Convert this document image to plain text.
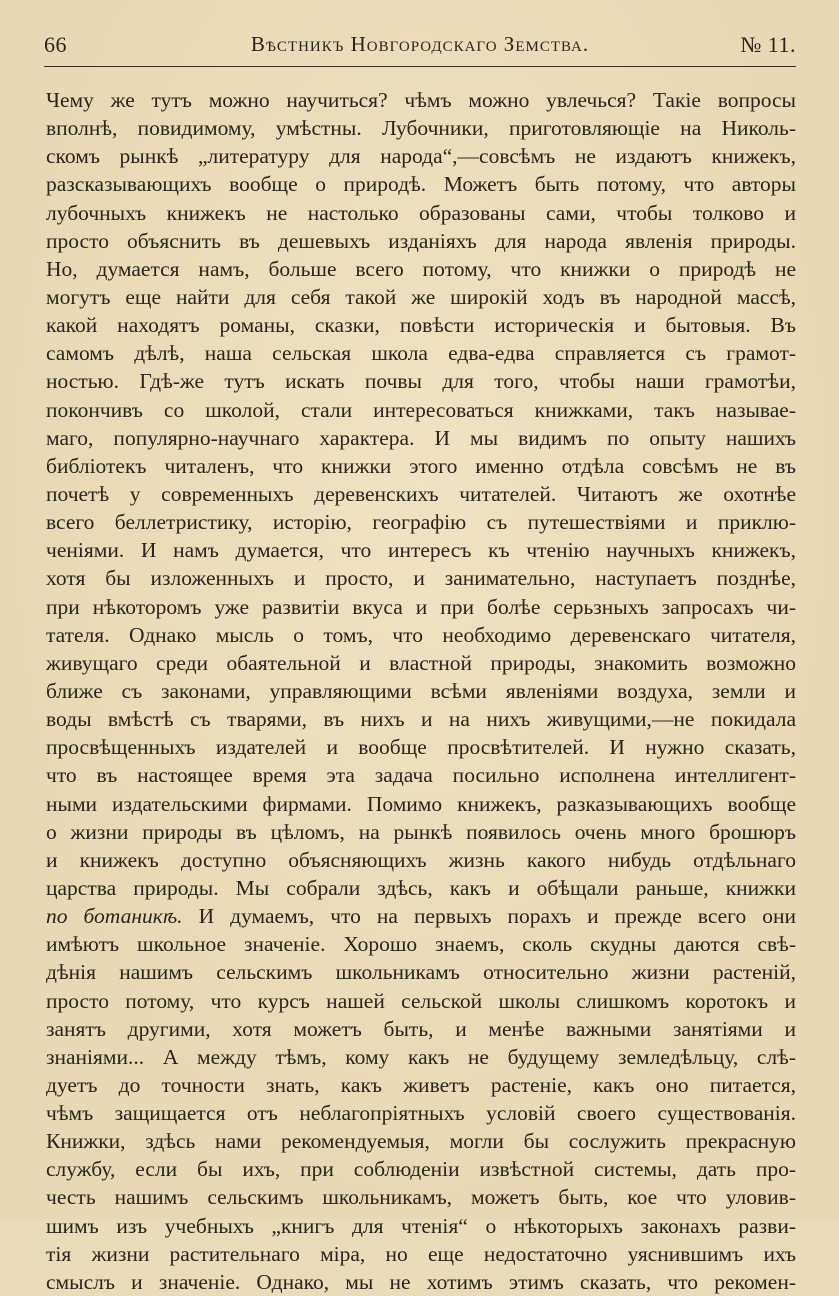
66	Вѣстникъ Новгородскаго Земства.	№ 11.
Чему же тутъ можно научиться? чѣмъ можно увлечься? Такіе вопросы
вполнѣ, повидимому, умѣстны. Лубочники, приготовляющіе на Николь-
скомъ рынкѣ „литературу для народа“,—совсѣмъ не издаютъ книжекъ,
разсказывающихъ вообще о природѣ. Можетъ быть потому, что авторы
лубочныхъ книжекъ не настолько образованы сами, чтобы толково и
просто объяснить въ дешевыхъ изданіяхъ для народа явленія природы.
Но, думается намъ, больше всего потому, что книжки о природѣ не
могутъ еще найти для себя такой же широкій ходъ въ народной массѣ,
какой находятъ романы, сказки, повѣсти историческія и бытовыя. Въ
самомъ дѣлѣ, наша сельская школа едва-едва справляется съ грамот-
ностью. Гдѣ-же тутъ искать почвы для того, чтобы наши грамотѣи,
покончивъ со школой, стали интересоваться книжками, такъ называе-
маго, популярно-научнаго характера. И мы видимъ по опыту нашихъ
библіотекъ читаленъ, что книжки этого именно отдѣла совсѣмъ не въ
почетѣ у современныхъ деревенскихъ читателей. Читаютъ же охотнѣе
всего беллетристику, исторію, географію съ путешествіями и приклю-
ченіями. И намъ думается, что интересъ къ чтенію научныхъ книжекъ,
хотя бы изложенныхъ и просто, и занимательно, наступаетъ позднѣе,
при нѣкоторомъ уже развитіи вкуса и при болѣе серьзныхъ запросахъ чи-
тателя. Однако мысль о томъ, что необходимо деревенскаго читателя,
живущаго среди обаятельной и властной природы, знакомить возможно
ближе съ законами, управляющими всѣми явленіями воздуха, земли и
воды вмѣстѣ съ тварями, въ нихъ и на нихъ живущими,—не покидала
просвѣщенныхъ издателей и вообще просвѣтителей. И нужно сказать,
что въ настоящее время эта задача посильно исполнена интеллигент-
ными издательскими фирмами. Помимо книжекъ, разказывающихъ вообще
о жизни природы въ цѣломъ, на рынкѣ появилось очень много брошюръ
и книжекъ доступно объясняющихъ жизнь какого нибудь отдѣльнаго
царства природы. Мы собрали здѣсь, какъ и обѣщали раньше, книжки
по ботаникѣ. И думаемъ, что на первыхъ порахъ и прежде всего они
имѣютъ школьное значеніе. Хорошо знаемъ, сколь скудны даются свѣ-
дѣнія нашимъ сельскимъ школьникамъ относительно жизни растеній,
просто потому, что курсъ нашей сельской школы слишкомъ коротокъ и
занятъ другими, хотя можетъ быть, и менѣе важными занятіями и
знаніями... А между тѣмъ, кому какъ не будущему земледѣльцу, слѣ-
дуетъ до точности знать, какъ живетъ растеніе, какъ оно питается,
чѣмъ защищается отъ неблагопріятныхъ условій своего существованія.
Книжки, здѣсь нами рекомендуемыя, могли бы сослужить прекрасную
службу, если бы ихъ, при соблюденіи извѣстной системы, дать про-
честь нашимъ сельскимъ школьникамъ, можетъ быть, кое что уловив-
шимъ изъ учебныхъ „книгъ для чтенія“ о нѣкоторыхъ законахъ разви-
тія жизни растительнаго міра, но еще недостаточно уяснившимъ ихъ
смыслъ и значеніе. Однако, мы не хотимъ этимъ сказать, что рекомен-
